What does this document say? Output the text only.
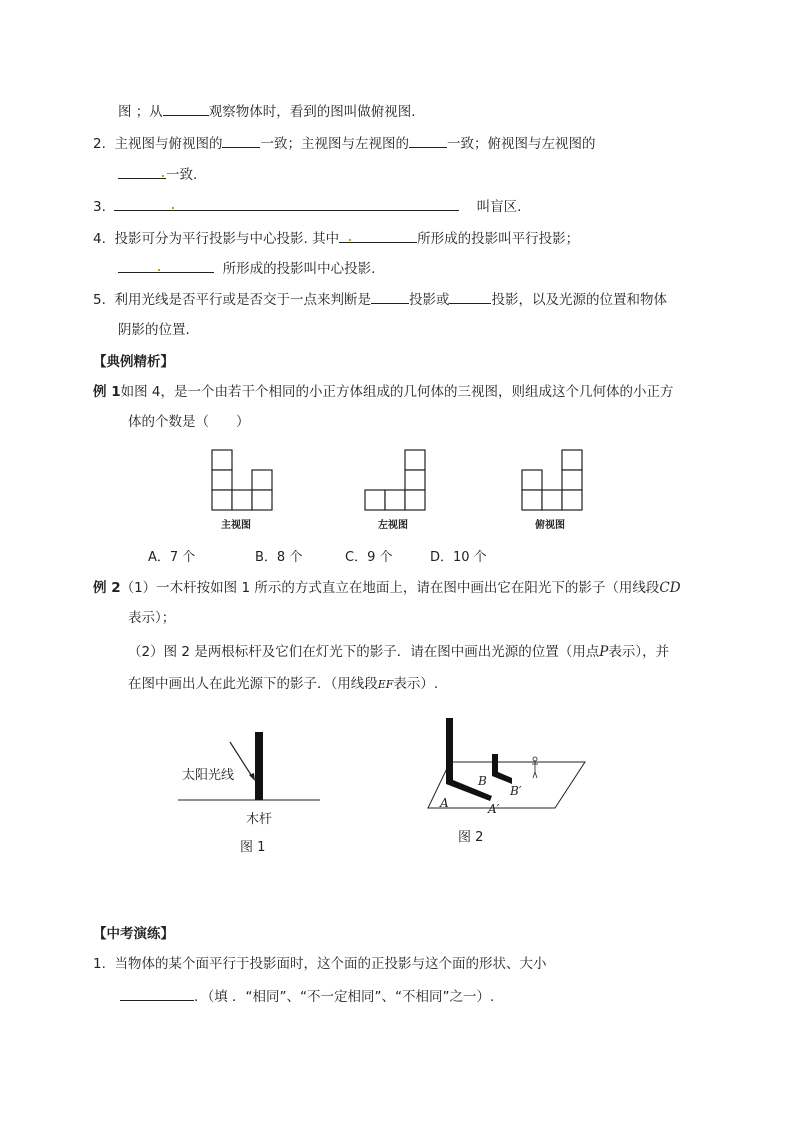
图 ；从	观察物体时，看到的图叫做俯视图.
2. 主视图与俯视图的	一致；主视图与左视图的	一致；俯视图与左视图的
一致.
3.	叫盲区.
4. 投影可分为平行投影与中心投影. 其中	所形成的投影叫平行投影；
所形成的投影叫中心投影.
5. 利用光线是否平行或是否交于一点来判断是	投影或	投影，以及光源的位置和物体
阴影的位置.
【典例精析】
例 1如图 4，是一个由若干个相同的小正方体组成的几何体的三视图，则组成这个几何体的小正方
体的个数是（　　）
主视图	左视图	俯视图
A．7 个	B．8 个	C．9 个	D．10 个
例 2（1）一木杆按如图 1 所示的方式直立在地面上，请在图中画出它在阳光下的影子（用线段CD
表示）；
（2）图 2 是两根标杆及它们在灯光下的影子．请在图中画出光源的位置（用点P表示），并
在图中画出人在此光源下的影子．（用线段EF表示）.
太阳光线
木杆
图 1
A	A′
B
B′
图 2
【中考演练】
1. 当物体的某个面平行于投影面时，这个面的正投影与这个面的形状、大小
．（填 ．“相同”、“不一定相同”、“不相同”之一）.
